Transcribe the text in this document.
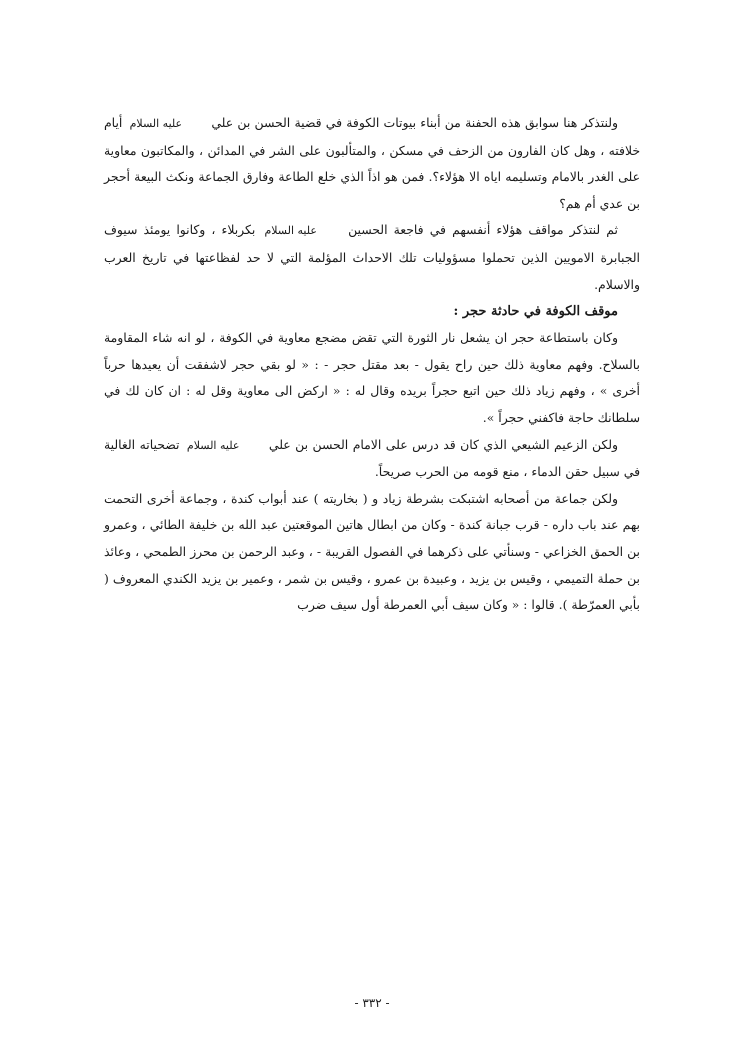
ولنتذكر هنا سوابق هذه الحفنة من أبناء بيوتات الكوفة في قضية الحسن بن علي عليه السلام أيام خلافته ، وهل كان الفارون من الزحف في مسكن ، والمتألبون على الشر في المدائن ، والمكاتبون معاوية على الغدر بالامام وتسليمه اياه الا هؤلاء؟. فمن هو اذاً الذي خلع الطاعة وفارق الجماعة ونكث البيعة أحجر بن عدي أم هم؟

ثم لنتذكر مواقف هؤلاء أنفسهم في فاجعة الحسين عليه السلام بكربلاء ، وكانوا يومئذ سيوف الجبابرة الامويين الذين تحملوا مسؤوليات تلك الاحداث المؤلمة التي لا حد لفظاعتها في تاريخ العرب والاسلام.

موقف الكوفة في حادثة حجر :

وكان باستطاعة حجر ان يشعل نار الثورة التي تقض مضجع معاوية في الكوفة ، لو انه شاء المقاومة بالسلاح. وفهم معاوية ذلك حين راح يقول - بعد مقتل حجر - : « لو بقي حجر لاشفقت أن يعيدها حرباً أخرى » ، وفهم زياد ذلك حين اتبع حجراً بريده وقال له : « اركض الى معاوية وقل له : ان كان لك في سلطانك حاجة فاكفني حجراً ».

ولكن الزعيم الشيعي الذي كان قد درس على الامام الحسن بن علي عليه السلام تضحياته الغالية في سبيل حقن الدماء ، منع قومه من الحرب صريحاً.

ولكن جماعة من أصحابه اشتبكت بشرطة زياد و ( بخاريته ) عند أبواب كندة ، وجماعة أخرى التحمت بهم عند باب داره - قرب جبانة كندة - وكان من ابطال هاتين الموقعتين عبد الله بن خليفة الطائي ، وعمرو بن الحمق الخزاعي - وسنأتي على ذكرهما في الفصول القريبة - ، وعبد الرحمن بن محرز الطمحي ، وعائذ بن حملة التميمي ، وقيس بن يزيد ، وعبيدة بن عمرو ، وقيس بن شمر ، وعمير بن يزيد الكندي المعروف ( بأبي العمرّطة ). قالوا : « وكان سيف أبي العمرطة أول سيف ضرب

- ٣٣٢ -
